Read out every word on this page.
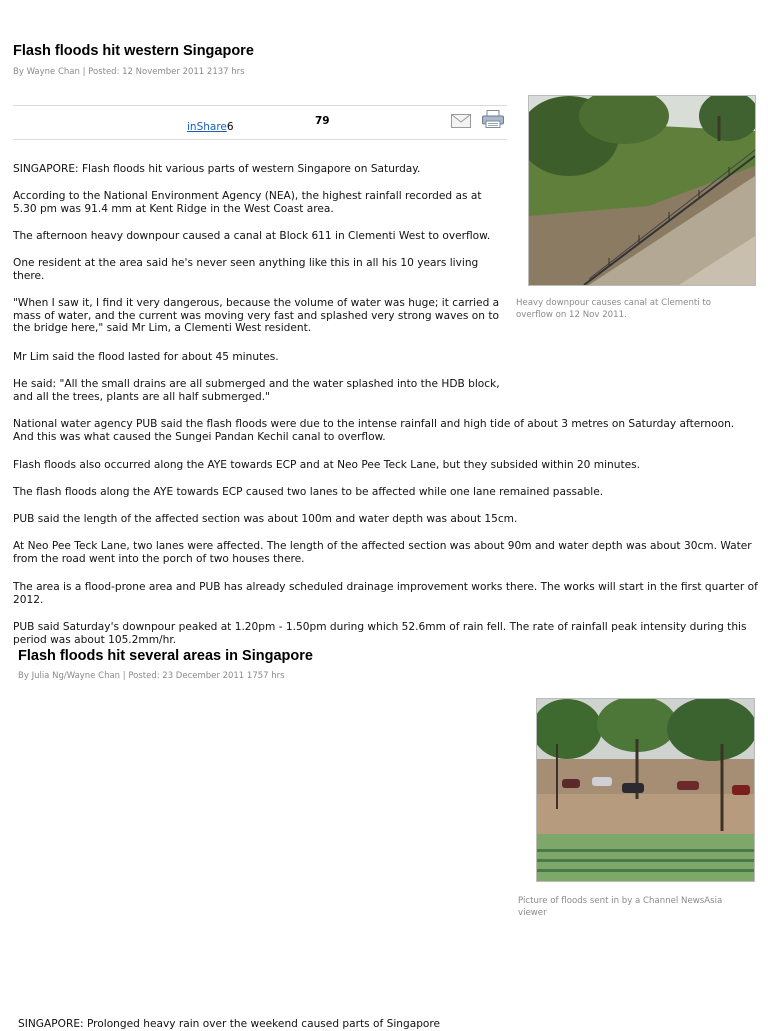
Flash floods hit western Singapore
By Wayne Chan | Posted: 12 November 2011 2137 hrs
inShare6	79
Heavy downpour causes canal at Clementi to overflow on 12 Nov 2011.

SINGAPORE: Flash floods hit various parts of western Singapore on Saturday.

According to the National Environment Agency (NEA), the highest rainfall recorded as at 5.30 pm was 91.4 mm at Kent Ridge in the West Coast area.

The afternoon heavy downpour caused a canal at Block 611 in Clementi West to overflow.

One resident at the area said he's never seen anything like this in all his 10 years living there.

"When I saw it, I find it very dangerous, because the volume of water was huge; it carried a mass of water, and the current was moving very fast and splashed very strong waves on to the bridge here," said Mr Lim, a Clementi West resident.

Mr Lim said the flood lasted for about 45 minutes.

He said: "All the small drains are all submerged and the water splashed into the HDB block, and all the trees, plants are all half submerged."

National water agency PUB said the flash floods were due to the intense rainfall and high tide of about 3 metres on Saturday afternoon. And this was what caused the Sungei Pandan Kechil canal to overflow.

Flash floods also occurred along the AYE towards ECP and at Neo Pee Teck Lane, but they subsided within 20 minutes.

The flash floods along the AYE towards ECP caused two lanes to be affected while one lane remained passable.

PUB said the length of the affected section was about 100m and water depth was about 15cm.

At Neo Pee Teck Lane, two lanes were affected. The length of the affected section was about 90m and water depth was about 30cm. Water from the road went into the porch of two houses there.

The area is a flood-prone area and PUB has already scheduled drainage improvement works there. The works will start in the first quarter of 2012.

PUB said Saturday's downpour peaked at 1.20pm - 1.50pm during which 52.6mm of rain fell. The rate of rainfall peak intensity during this period was about 105.2mm/hr.

Flash floods hit several areas in Singapore
By Julia Ng/Wayne Chan | Posted: 23 December 2011 1757 hrs
Picture of floods sent in by a Channel NewsAsia viewer

SINGAPORE: Prolonged heavy rain over the weekend caused parts of Singapore
